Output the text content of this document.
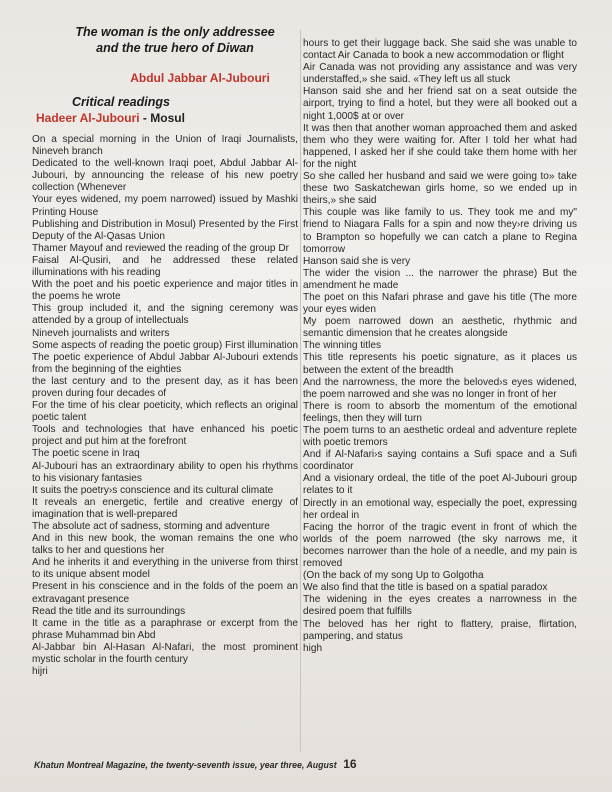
The woman is the only addressee and the true hero of Diwan
Abdul Jabbar Al-Jubouri
Critical readings
Hadeer Al-Jubouri - Mosul

On a special morning in the Union of Iraqi Journalists, Nineveh branch

Dedicated to the well-known Iraqi poet, Abdul Jabbar Al-Jubouri, by announcing the release of his new poetry collection (Whenever

Your eyes widened, my poem narrowed) issued by Mashki Printing House

Publishing and Distribution in Mosul) Presented by the First Deputy of the Al-Qasas Union

Thamer Mayouf and reviewed the reading of the group Dr

Faisal Al-Qusiri, and he addressed these related illuminations with his reading

With the poet and his poetic experience and major titles in the poems he wrote

This group included it, and the signing ceremony was attended by a group of intellectuals

Nineveh journalists and writers

Some aspects of reading the poetic group) First illumination

The poetic experience of Abdul Jabbar Al-Jubouri extends from the beginning of the eighties

the last century and to the present day, as it has been proven during four decades of

For the time of his clear poeticity, which reflects an original poetic talent

Tools and technologies that have enhanced his poetic project and put him at the forefront

The poetic scene in Iraq

Al-Jubouri has an extraordinary ability to open his rhythms to his visionary fantasies

It suits the poetry›s conscience and its cultural climate

It reveals an energetic, fertile and creative energy of imagination that is well-prepared

The absolute act of sadness, storming and adventure

And in this new book, the woman remains the one who talks to her and questions her

And he inherits it and everything in the universe from thirst to its unique absent model

Present in his conscience and in the folds of the poem an extravagant presence

Read the title and its surroundings

It came in the title as a paraphrase or excerpt from the phrase Muhammad bin Abd

Al-Jabbar bin Al-Hasan Al-Nafari, the most prominent mystic scholar in the fourth century

hijri

hours to get their luggage back. She said she was unable to contact Air Canada to book a new accommodation or flight

Air Canada was not providing any assistance and was very understaffed,» she said. «They left us all stuck

Hanson said she and her friend sat on a seat outside the airport, trying to find a hotel, but they were all booked out a night 1,000$ at or over

It was then that another woman approached them and asked them who they were waiting for. After I told her what had happened, I asked her if she could take them home with her for the night

So she called her husband and said we were going to» take these two Saskatchewan girls home, so we ended up in theirs,» she said

This couple was like family to us. They took me and my" friend to Niagara Falls for a spin and now they›re driving us to Brampton so hopefully we can catch a plane to Regina tomorrow

Hanson said she is very

The wider the vision ... the narrower the phrase) But the amendment he made

The poet on this Nafari phrase and gave his title (The more your eyes widen

My poem narrowed down an aesthetic, rhythmic and semantic dimension that he creates alongside

The winning titles

This title represents his poetic signature, as it places us between the extent of the breadth

And the narrowness, the more the beloved›s eyes widened, the poem narrowed and she was no longer in front of her

There is room to absorb the momentum of the emotional feelings, then they will turn

The poem turns to an aesthetic ordeal and adventure replete with poetic tremors

And if Al-Nafari›s saying contains a Sufi space and a Sufi coordinator

And a visionary ordeal, the title of the poet Al-Jubouri group relates to it

Directly in an emotional way, especially the poet, expressing her ordeal in

Facing the horror of the tragic event in front of which the worlds of the poem narrowed (the sky narrows me, it becomes narrower than the hole of a needle, and my pain is removed

(On the back of my song Up to Golgotha

We also find that the title is based on a spatial paradox

The widening in the eyes creates a narrowness in the desired poem that fulfills

The beloved has her right to flattery, praise, flirtation, pampering, and status

high

Khatun Montreal Magazine, the twenty-seventh issue, year three, August 16
